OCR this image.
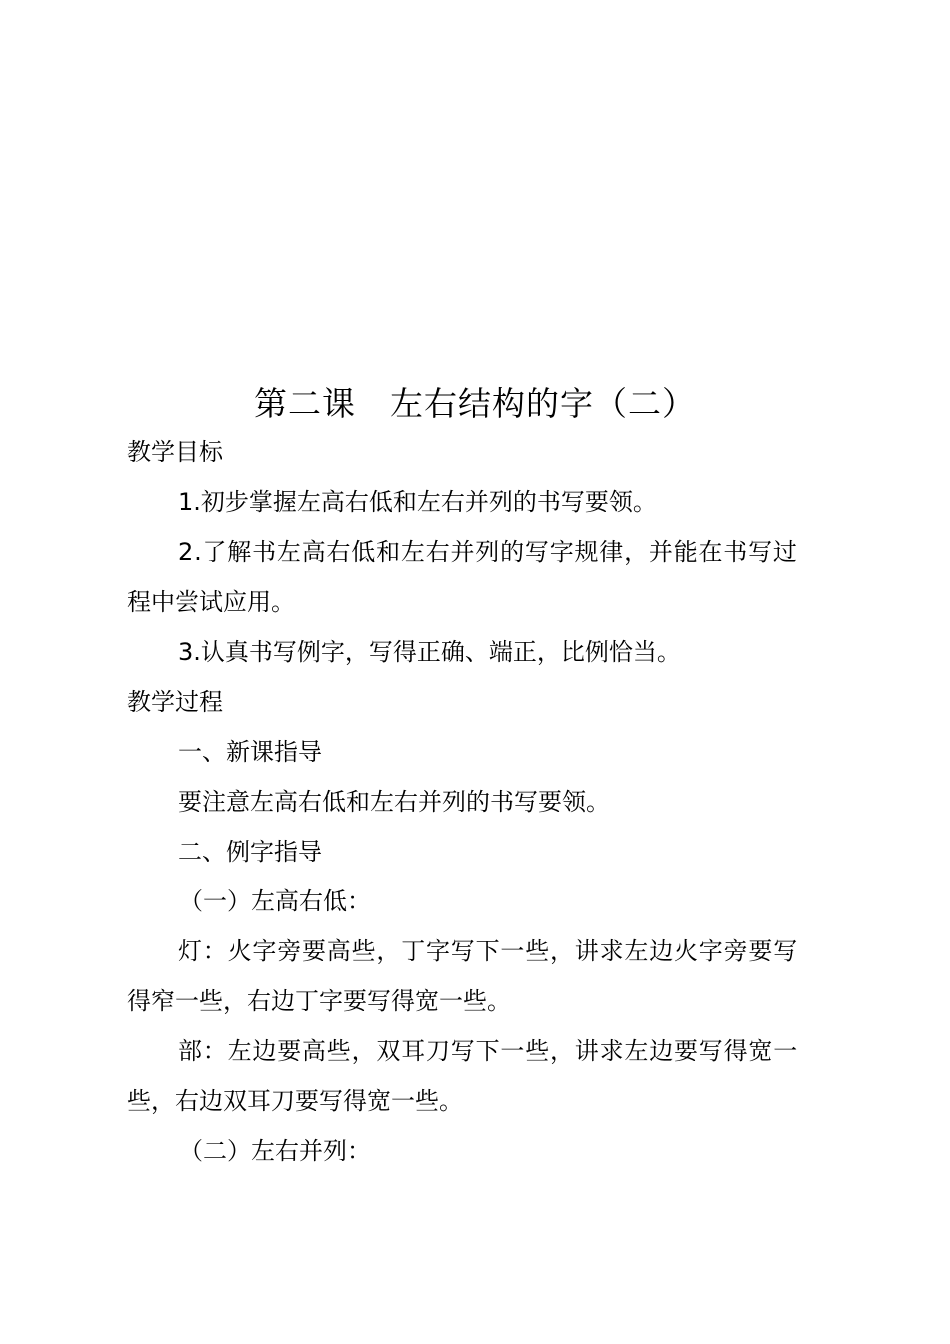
第二课　左右结构的字（二）
教学目标
1.初步掌握左高右低和左右并列的书写要领。
2.了解书左高右低和左右并列的写字规律，并能在书写过
程中尝试应用。
3.认真书写例字，写得正确、端正，比例恰当。
教学过程
一、新课指导
要注意左高右低和左右并列的书写要领。
二、例字指导
（一）左高右低：
灯：火字旁要高些，丁字写下一些，讲求左边火字旁要写
得窄一些，右边丁字要写得宽一些。
部：左边要高些，双耳刀写下一些，讲求左边要写得宽一
些，右边双耳刀要写得宽一些。
（二）左右并列：
